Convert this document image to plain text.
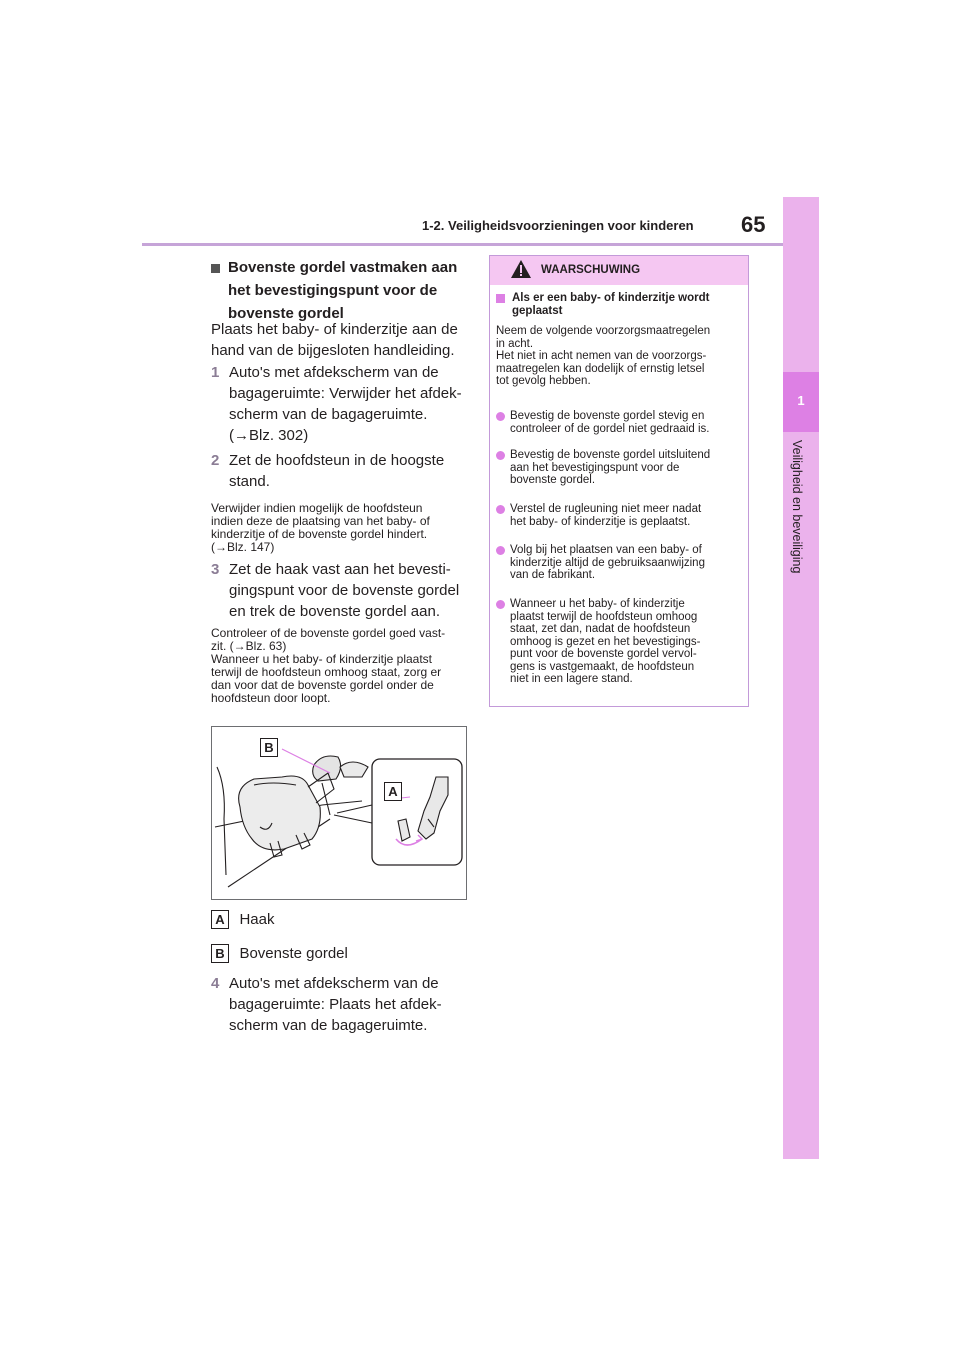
1-2. Veiligheidsvoorzieningen voor kinderen	65
1
Veiligheid en beveiliging
Bovenste gordel vastmaken aan
het bevestigingspunt voor de
bovenste gordel
Plaats het baby- of kinderzitje aan de
hand van de bijgesloten handleiding.
1 Auto's met afdekscherm van de
bagageruimte: Verwijder het afdek-
scherm van de bagageruimte.
(→Blz. 302)
2 Zet de hoofdsteun in de hoogste
stand.
Verwijder indien mogelijk de hoofdsteun
indien deze de plaatsing van het baby- of
kinderzitje of de bovenste gordel hindert.
(→Blz. 147)
3 Zet de haak vast aan het bevesti-
gingspunt voor de bovenste gordel
en trek de bovenste gordel aan.
Controleer of de bovenste gordel goed vast-
zit. (→Blz. 63)
Wanneer u het baby- of kinderzitje plaatst
terwijl de hoofdsteun omhoog staat, zorg er
dan voor dat de bovenste gordel onder de
hoofdsteun door loopt.
B
A
A Haak
B Bovenste gordel
4 Auto's met afdekscherm van de
bagageruimte: Plaats het afdek-
scherm van de bagageruimte.
WAARSCHUWING
Als er een baby- of kinderzitje wordt
geplaatst
Neem de volgende voorzorgsmaatregelen
in acht.
Het niet in acht nemen van de voorzorgs-
maatregelen kan dodelijk of ernstig letsel
tot gevolg hebben.
Bevestig de bovenste gordel stevig en
controleer of de gordel niet gedraaid is.
Bevestig de bovenste gordel uitsluitend
aan het bevestigingspunt voor de
bovenste gordel.
Verstel de rugleuning niet meer nadat
het baby- of kinderzitje is geplaatst.
Volg bij het plaatsen van een baby- of
kinderzitje altijd de gebruiksaanwijzing
van de fabrikant.
Wanneer u het baby- of kinderzitje
plaatst terwijl de hoofdsteun omhoog
staat, zet dan, nadat de hoofdsteun
omhoog is gezet en het bevestigings-
punt voor de bovenste gordel vervol-
gens is vastgemaakt, de hoofdsteun
niet in een lagere stand.
